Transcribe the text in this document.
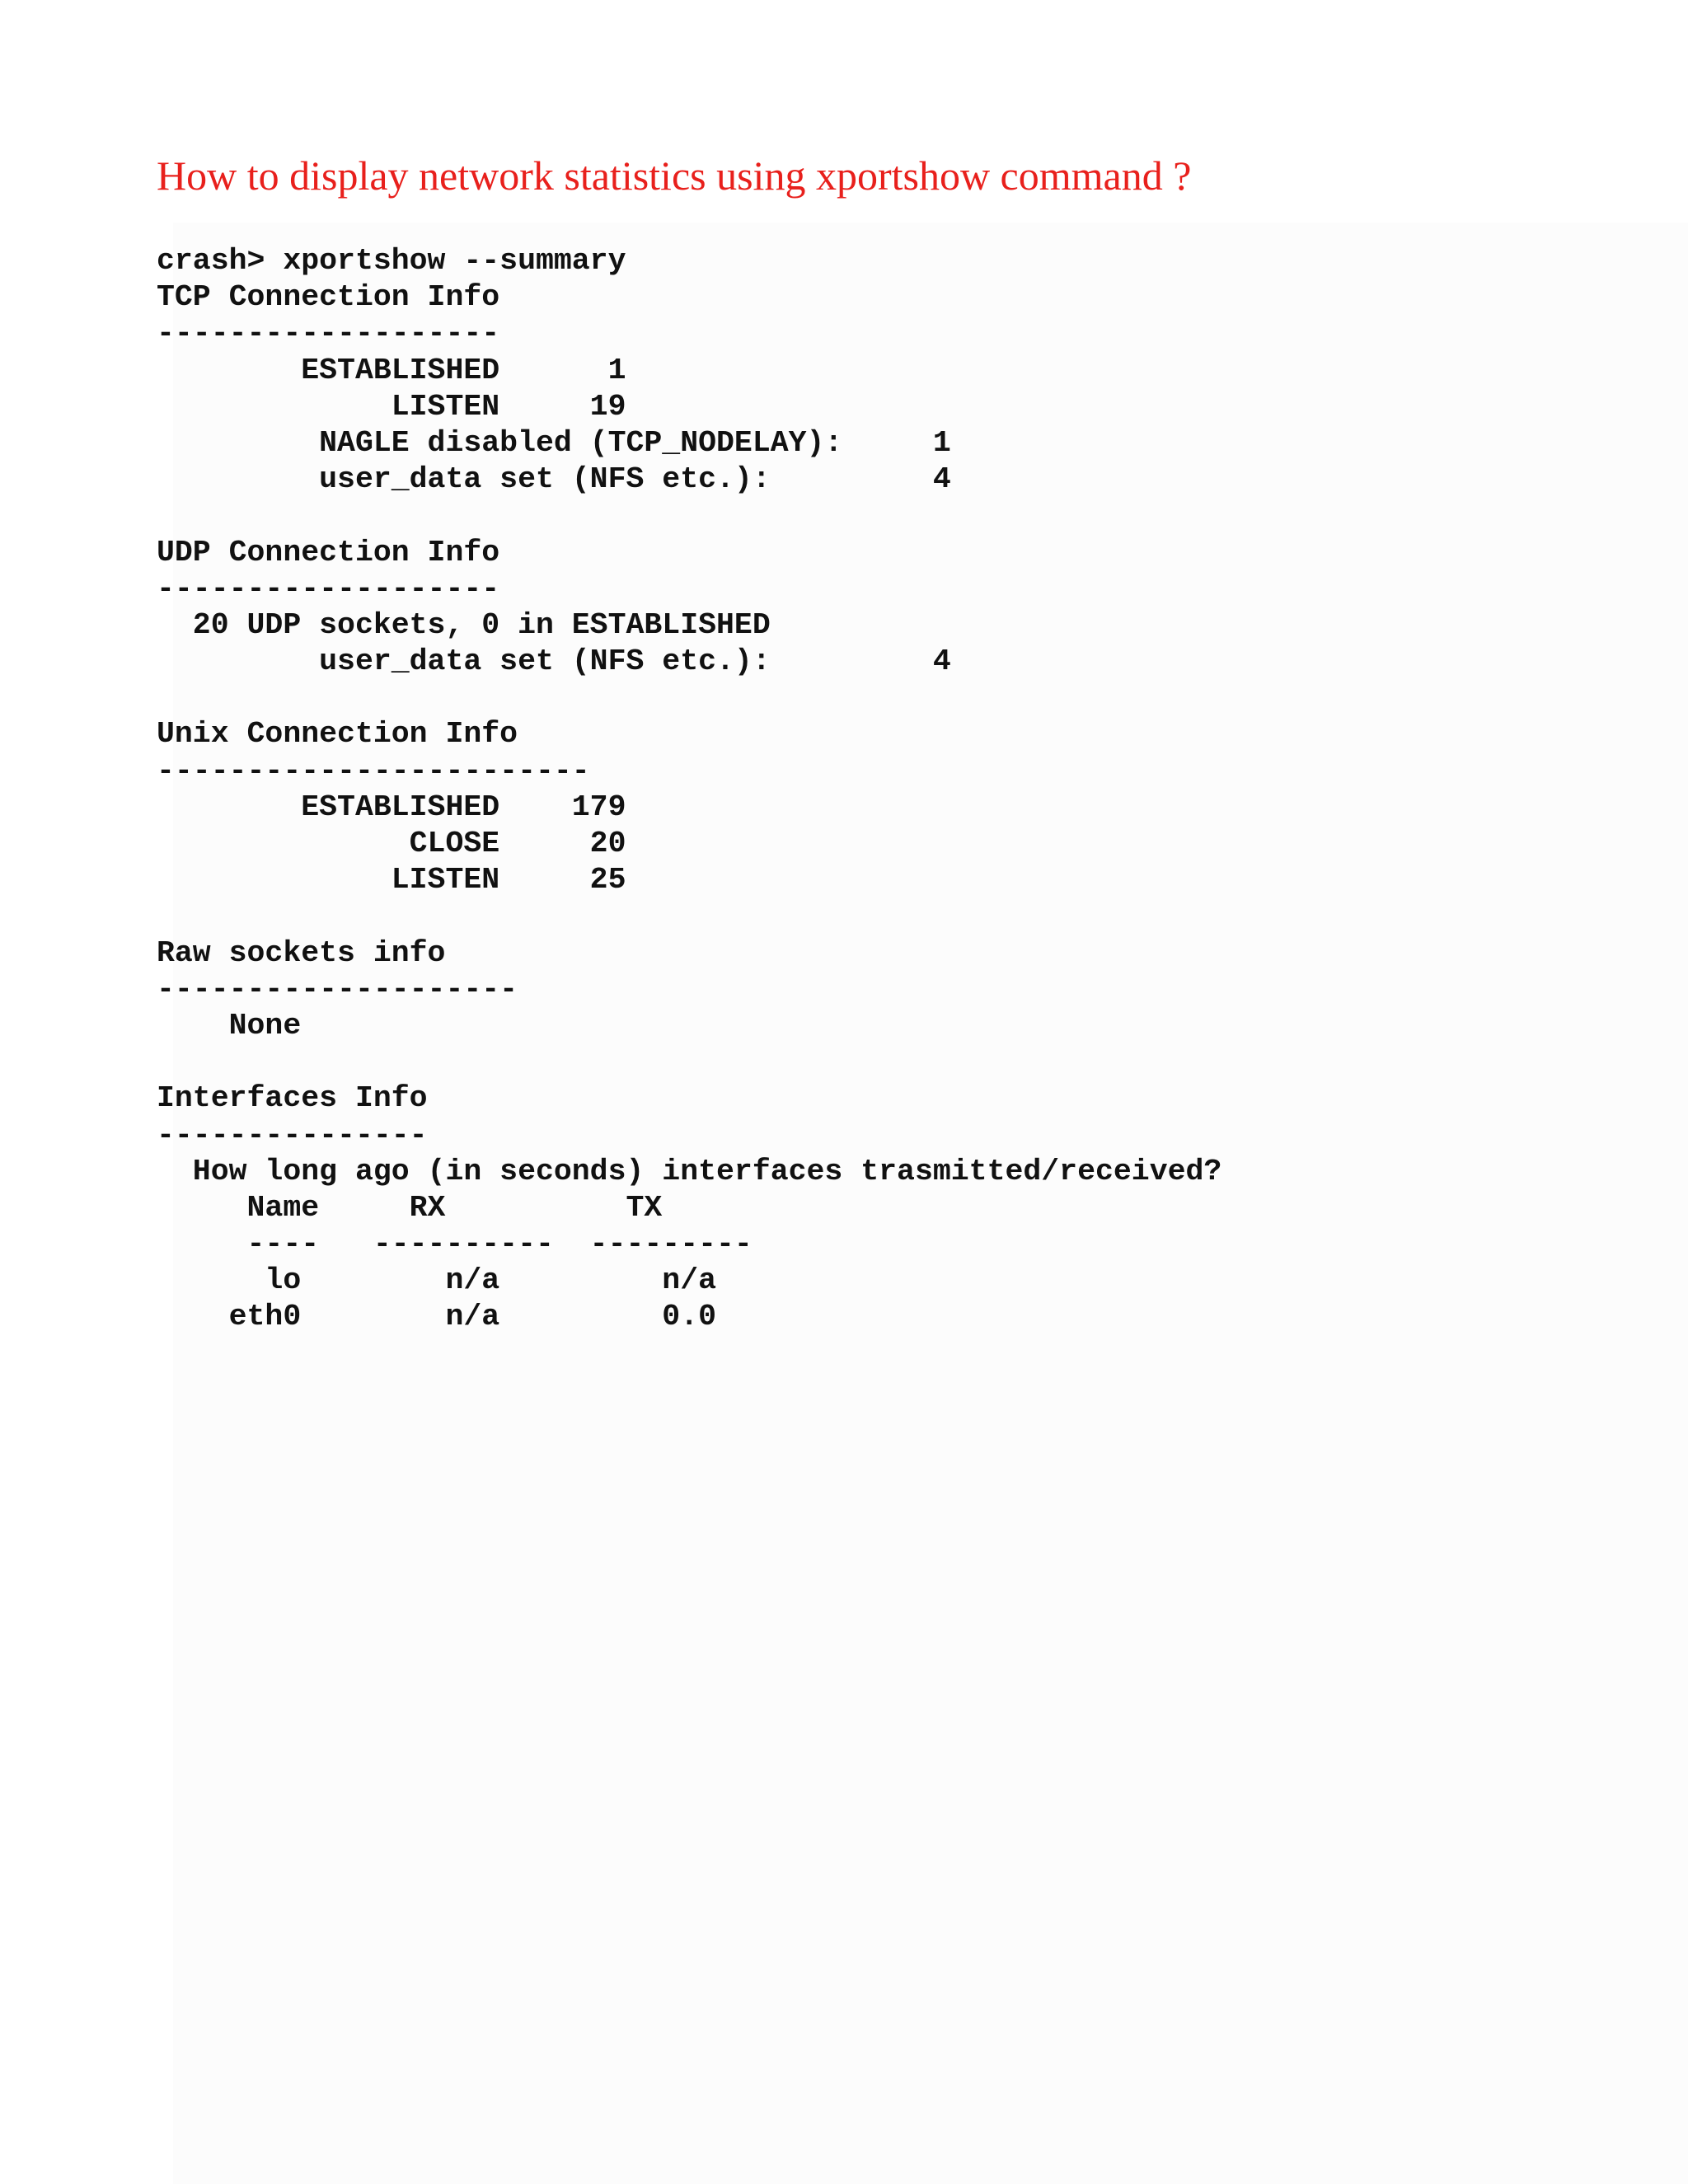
How to display network statistics using xportshow command ?
crash> xportshow --summary
TCP Connection Info
-------------------
ESTABLISHED      1
LISTEN     19
NAGLE disabled (TCP_NODELAY):     1
user_data set (NFS etc.):         4
UDP Connection Info
-------------------
20 UDP sockets, 0 in ESTABLISHED
user_data set (NFS etc.):         4
Unix Connection Info
------------------------
ESTABLISHED    179
CLOSE     20
LISTEN     25
Raw sockets info
--------------------
None
Interfaces Info
---------------
How long ago (in seconds) interfaces trasmitted/received?
Name     RX          TX
----   ----------  ---------
lo        n/a         n/a
eth0        n/a         0.0
